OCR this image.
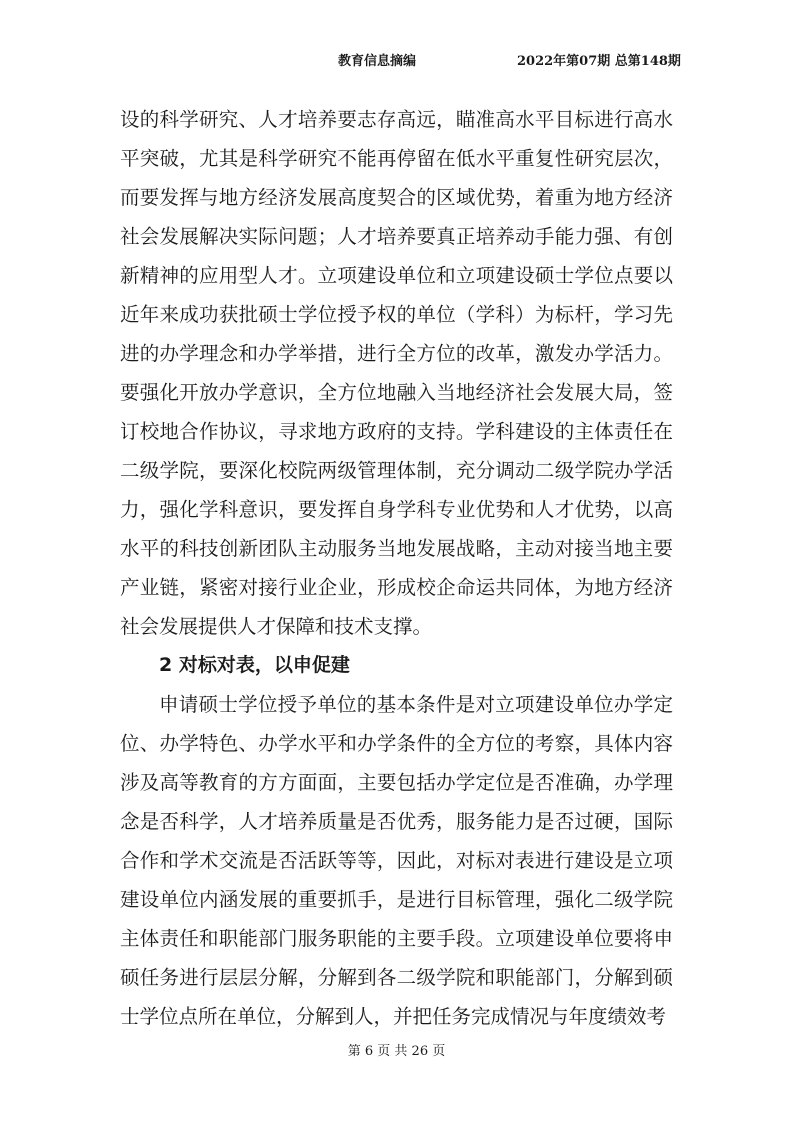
教育信息摘编	2022年第07期 总第148期

设的科学研究、人才培养要志存高远，瞄准高水平目标进行高水平突破，尤其是科学研究不能再停留在低水平重复性研究层次，而要发挥与地方经济发展高度契合的区域优势，着重为地方经济社会发展解决实际问题；人才培养要真正培养动手能力强、有创新精神的应用型人才。立项建设单位和立项建设硕士学位点要以近年来成功获批硕士学位授予权的单位（学科）为标杆，学习先进的办学理念和办学举措，进行全方位的改革，激发办学活力。要强化开放办学意识，全方位地融入当地经济社会发展大局，签订校地合作协议，寻求地方政府的支持。学科建设的主体责任在二级学院，要深化校院两级管理体制，充分调动二级学院办学活力，强化学科意识，要发挥自身学科专业优势和人才优势，以高水平的科技创新团队主动服务当地发展战略，主动对接当地主要产业链，紧密对接行业企业，形成校企命运共同体，为地方经济社会发展提供人才保障和技术支撑。

2 对标对表，以申促建

申请硕士学位授予单位的基本条件是对立项建设单位办学定位、办学特色、办学水平和办学条件的全方位的考察，具体内容涉及高等教育的方方面面，主要包括办学定位是否准确，办学理念是否科学，人才培养质量是否优秀，服务能力是否过硬，国际合作和学术交流是否活跃等等，因此，对标对表进行建设是立项建设单位内涵发展的重要抓手，是进行目标管理，强化二级学院主体责任和职能部门服务职能的主要手段。立项建设单位要将申硕任务进行层层分解，分解到各二级学院和职能部门，分解到硕士学位点所在单位，分解到人，并把任务完成情况与年度绩效考

第 6 页 共 26 页
